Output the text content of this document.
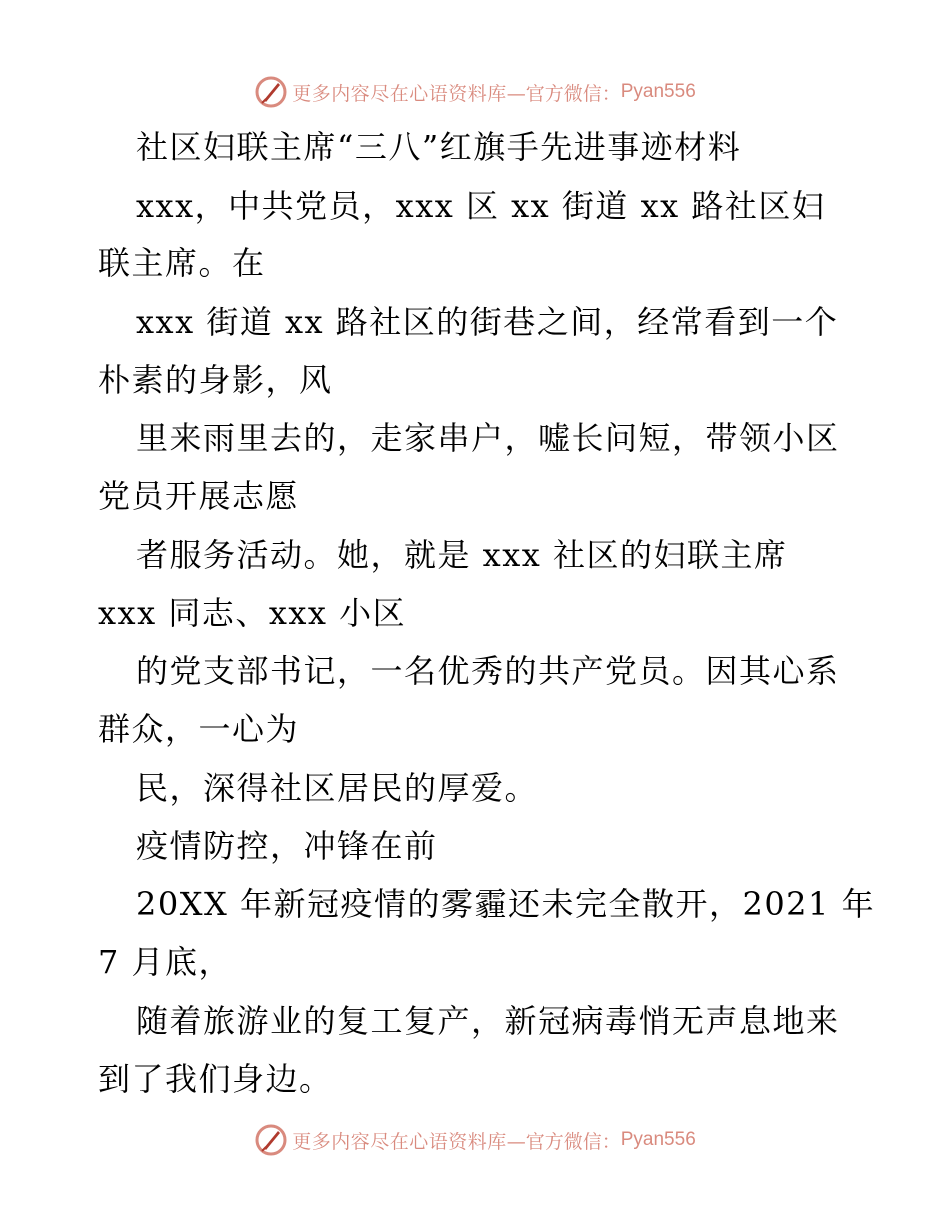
更多内容尽在心语资料库 —官方微信： Pyan556
社区妇联主席“三八”红旗手先进事迹材料
xxx，中共党员，xxx 区 xx 街道 xx 路社区妇
联主席。在
xxx 街道 xx 路社区的街巷之间，经常看到一个
朴素的身影，风
里来雨里去的，走家串户，嘘长问短，带领小区
党员开展志愿
者服务活动。她，就是 xxx 社区的妇联主席
xxx 同志、xxx 小区
的党支部书记，一名优秀的共产党员。因其心系
群众，一心为
民，深得社区居民的厚爱。
疫情防控，冲锋在前
20XX 年新冠疫情的雾霾还未完全散开，2021 年
7 月底，
随着旅游业的复工复产，新冠病毒悄无声息地来
到了我们身边。
更多内容尽在心语资料库 —官方微信： Pyan556
